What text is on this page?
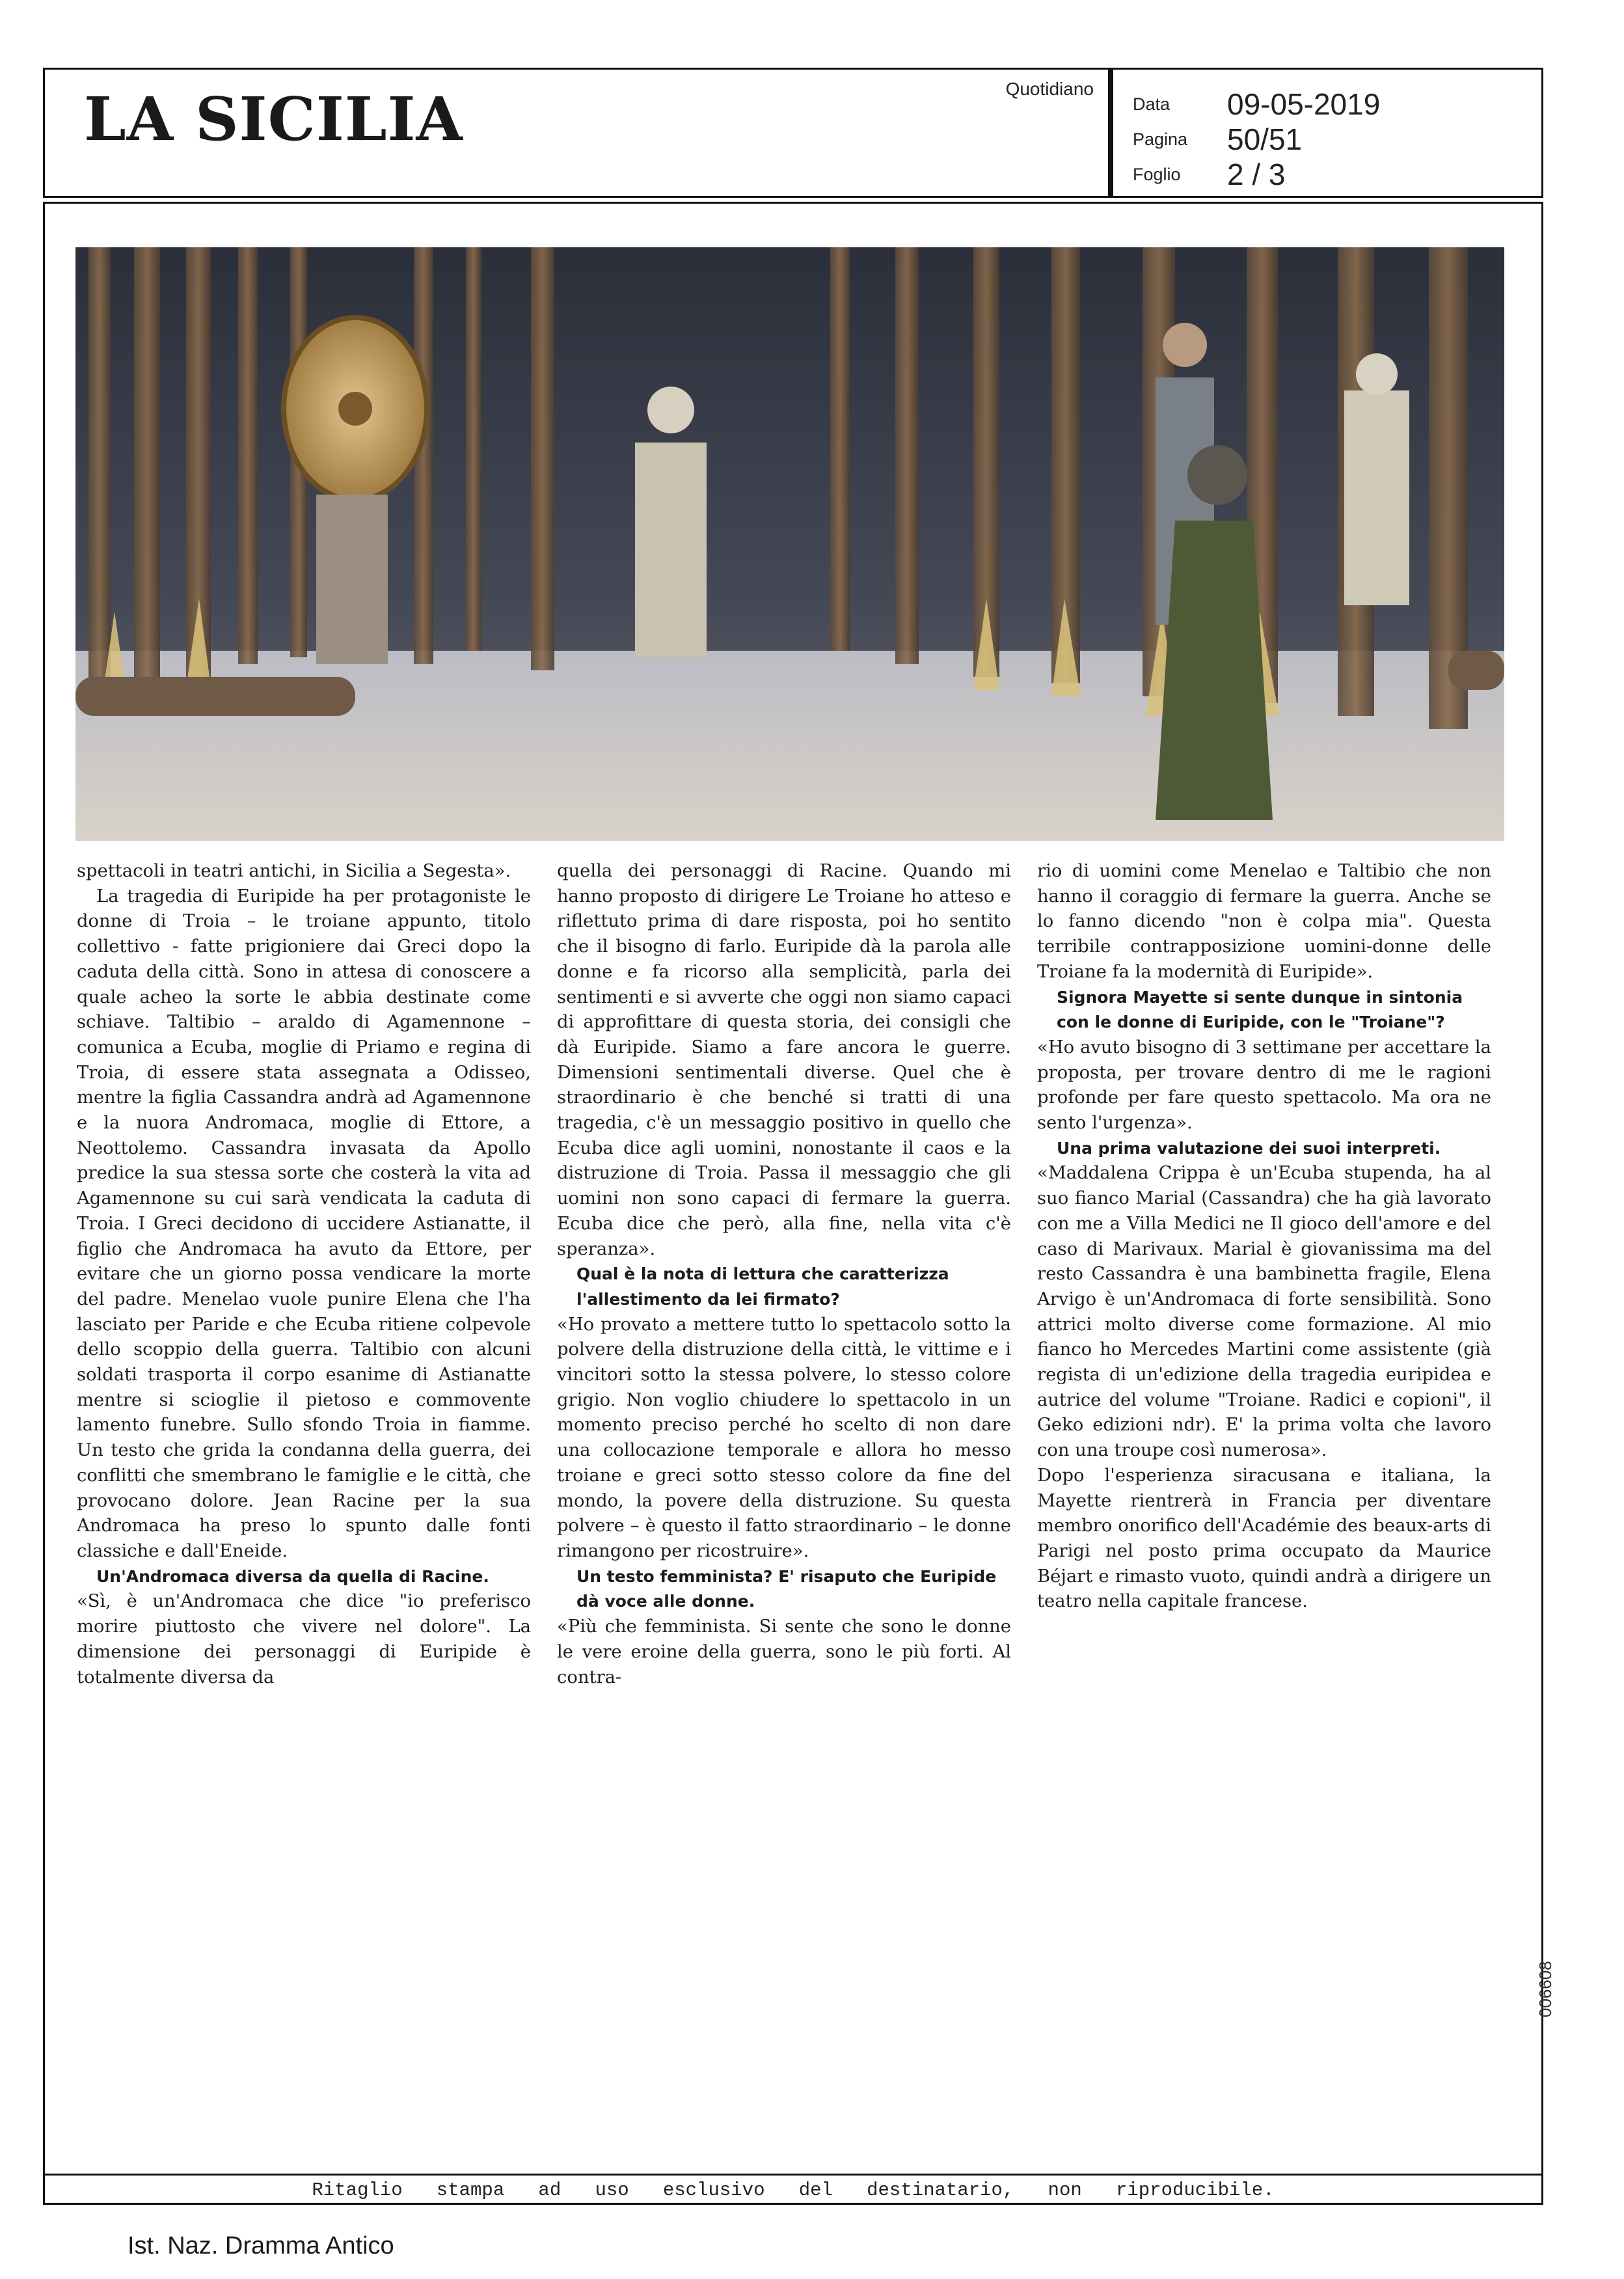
LA SICILIA	Quotidiano
Data 09-05-2019
Pagina 50/51
Foglio 2 / 3

spettacoli in teatri antichi, in Sicilia a Segesta».

La tragedia di Euripide ha per protagoniste le donne di Troia – le troiane appunto, titolo collettivo - fatte prigioniere dai Greci dopo la caduta della città. Sono in attesa di conoscere a quale acheo la sorte le abbia destinate come schiave. Taltibio – araldo di Agamennone – comunica a Ecuba, moglie di Priamo e regina di Troia, di essere stata assegnata a Odisseo, mentre la figlia Cassandra andrà ad Agamennone e la nuora Andromaca, moglie di Ettore, a Neottolemo. Cassandra invasata da Apollo predice la sua stessa sorte che costerà la vita ad Agamennone su cui sarà vendicata la caduta di Troia. I Greci decidono di uccidere Astianatte, il figlio che Andromaca ha avuto da Ettore, per evitare che un giorno possa vendicare la morte del padre. Menelao vuole punire Elena che l'ha lasciato per Paride e che Ecuba ritiene colpevole dello scoppio della guerra. Taltibio con alcuni soldati trasporta il corpo esanime di Astianatte mentre si scioglie il pietoso e commovente lamento funebre. Sullo sfondo Troia in fiamme. Un testo che grida la condanna della guerra, dei conflitti che smembrano le famiglie e le città, che provocano dolore. Jean Racine per la sua Andromaca ha preso lo spunto dalle fonti classiche e dall'Eneide.

Un'Andromaca diversa da quella di Racine.

«Sì, è un'Andromaca che dice "io preferisco morire piuttosto che vivere nel dolore". La dimensione dei personaggi di Euripide è totalmente diversa da

quella dei personaggi di Racine. Quando mi hanno proposto di dirigere Le Troiane ho atteso e riflettuto prima di dare risposta, poi ho sentito che il bisogno di farlo. Euripide dà la parola alle donne e fa ricorso alla semplicità, parla dei sentimenti e si avverte che oggi non siamo capaci di approfittare di questa storia, dei consigli che dà Euripide. Siamo a fare ancora le guerre. Dimensioni sentimentali diverse. Quel che è straordinario è che benché si tratti di una tragedia, c'è un messaggio positivo in quello che Ecuba dice agli uomini, nonostante il caos e la distruzione di Troia. Passa il messaggio che gli uomini non sono capaci di fermare la guerra. Ecuba dice che però, alla fine, nella vita c'è speranza».

Qual è la nota di lettura che caratterizza l'allestimento da lei firmato?

«Ho provato a mettere tutto lo spettacolo sotto la polvere della distruzione della città, le vittime e i vincitori sotto la stessa polvere, lo stesso colore grigio. Non voglio chiudere lo spettacolo in un momento preciso perché ho scelto di non dare una collocazione temporale e allora ho messo troiane e greci sotto stesso colore da fine del mondo, la povere della distruzione. Su questa polvere – è questo il fatto straordinario – le donne rimangono per ricostruire».

Un testo femminista? E' risaputo che Euripide dà voce alle donne.

«Più che femminista. Si sente che sono le donne le vere eroine della guerra, sono le più forti. Al contra-

rio di uomini come Menelao e Taltibio che non hanno il coraggio di fermare la guerra. Anche se lo fanno dicendo "non è colpa mia". Questa terribile contrapposizione uomini-donne delle Troiane fa la modernità di Euripide».

Signora Mayette si sente dunque in sintonia con le donne di Euripide, con le "Troiane"?

«Ho avuto bisogno di 3 settimane per accettare la proposta, per trovare dentro di me le ragioni profonde per fare questo spettacolo. Ma ora ne sento l'urgenza».

Una prima valutazione dei suoi interpreti.

«Maddalena Crippa è un'Ecuba stupenda, ha al suo fianco Marial (Cassandra) che ha già lavorato con me a Villa Medici ne Il gioco dell'amore e del caso di Marivaux. Marial è giovanissima ma del resto Cassandra è una bambinetta fragile, Elena Arvigo è un'Andromaca di forte sensibilità. Sono attrici molto diverse come formazione. Al mio fianco ho Mercedes Martini come assistente (già regista di un'edizione della tragedia euripidea e autrice del volume "Troiane. Radici e copioni", il Geko edizioni ndr). E' la prima volta che lavoro con una troupe così numerosa».

Dopo l'esperienza siracusana e italiana, la Mayette rientrerà in Francia per diventare membro onorifico dell'Académie des beaux-arts di Parigi nel posto prima occupato da Maurice Béjart e rimasto vuoto, quindi andrà a dirigere un teatro nella capitale francese.

006608
Ritaglio   stampa   ad   uso   esclusivo   del   destinatario,   non   riproducibile.
Ist. Naz. Dramma Antico
